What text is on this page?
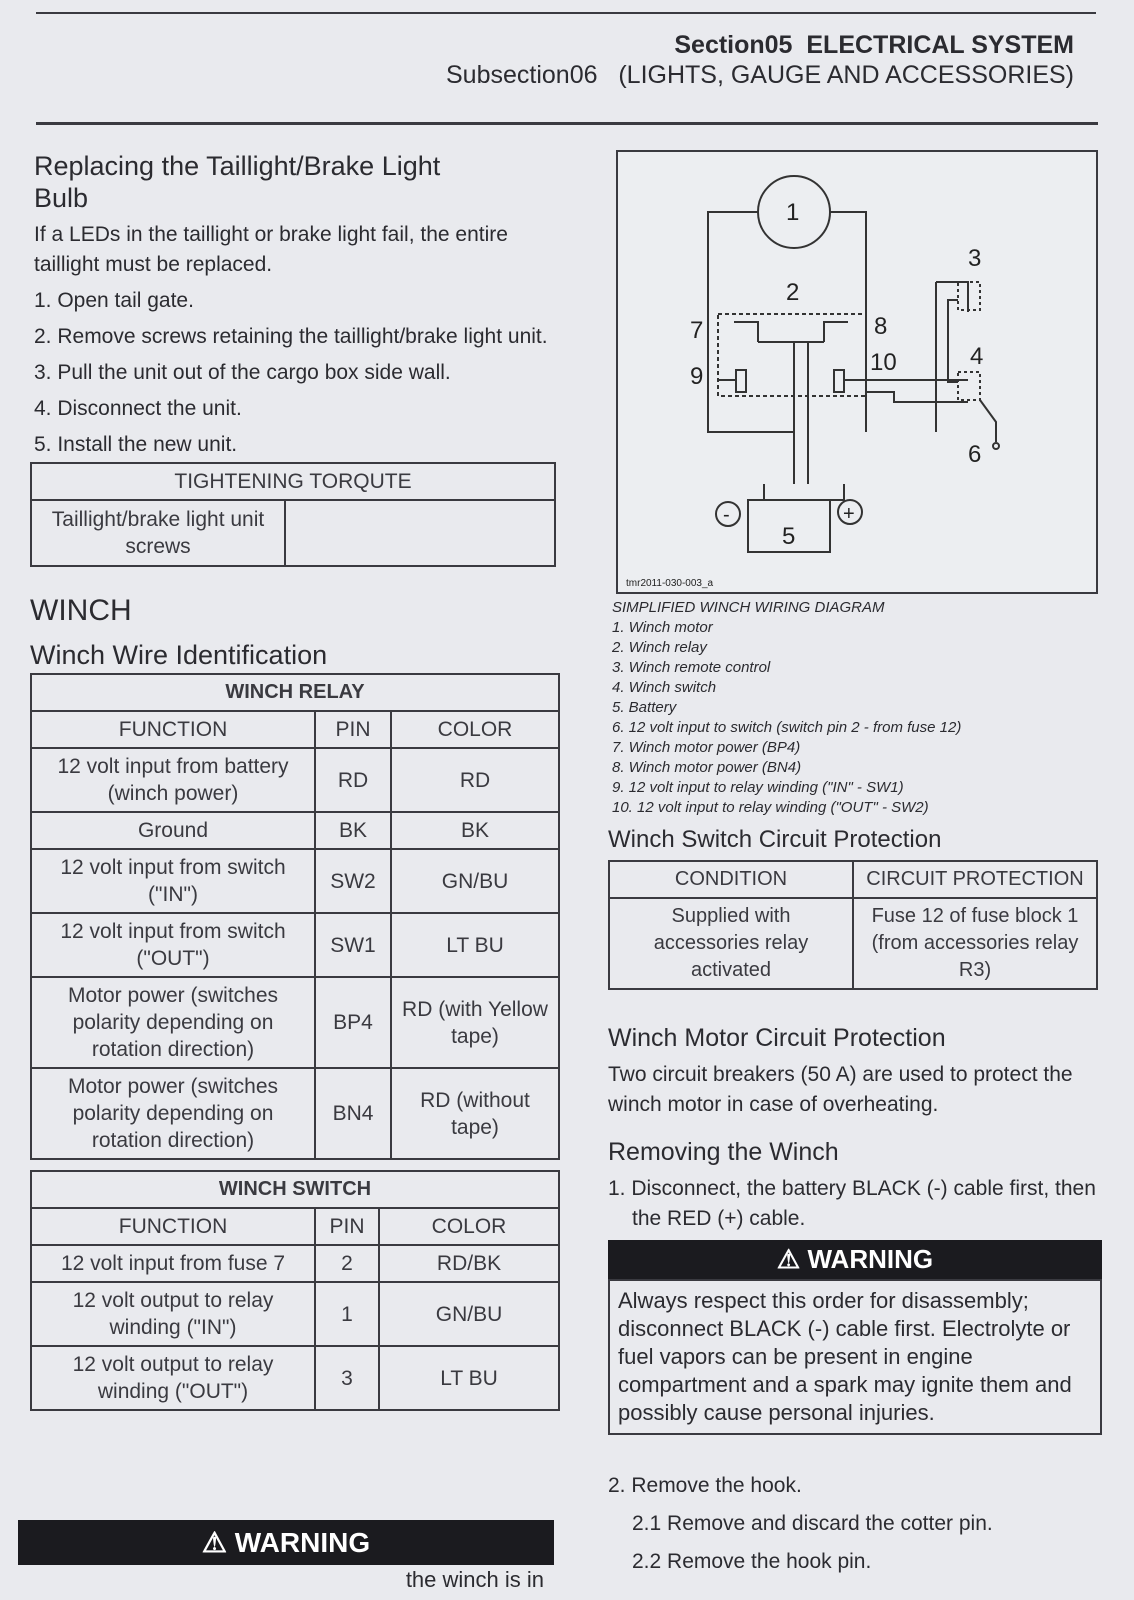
Section05 ELECTRICAL SYSTEM
Subsection06 (LIGHTS, GAUGE AND ACCESSORIES)
Replacing the Taillight/Brake Light
Bulb

If a LEDs in the taillight or brake light fail, the entire taillight must be replaced.

1. Open tail gate.
2. Remove screws retaining the taillight/brake light unit.
3. Pull the unit out of the cargo box side wall.
4. Disconnect the unit.
5. Install the new unit.
TIGHTENING TORQUTE
Taillight/brake light unit screws	
WINCH
Winch Wire Identification
WINCH RELAY		
FUNCTION	PIN	COLOR
12 volt input from battery (winch power)	RD	RD
Ground	BK	BK
12 volt input from switch ("IN")	SW2	GN/BU
12 volt input from switch ("OUT")	SW1	LT BU
Motor power (switches polarity depending on rotation direction)	BP4	RD (with Yellow tape)
Motor power (switches polarity depending on rotation direction)	BN4	RD (without tape)
WINCH SWITCH		
FUNCTION	PIN	COLOR
12 volt input from fuse 7	2	RD/BK
12 volt output to relay winding ("IN")	1	GN/BU
12 volt output to relay winding ("OUT")	3	LT BU
⚠ WARNING
the winch is in
1
2
3
4
5
6
7	8
9
10
-	+
tmr2011-030-003_a
SIMPLIFIED WINCH WIRING DIAGRAM
1. Winch motor
2. Winch relay
3. Winch remote control
4. Winch switch
5. Battery
6. 12 volt input to switch (switch pin 2 - from fuse 12)
7. Winch motor power (BP4)
8. Winch motor power (BN4)
9. 12 volt input to relay winding ("IN" - SW1)
10. 12 volt input to relay winding ("OUT" - SW2)
Winch Switch Circuit Protection
CONDITION	CIRCUIT PROTECTION
Supplied with accessories relay activated	Fuse 12 of fuse block 1 (from accessories relay R3)
Winch Motor Circuit Protection

Two circuit breakers (50 A) are used to protect the winch motor in case of overheating.

Removing the Winch
1. Disconnect, the battery BLACK (-) cable first, then the RED (+) cable.
⚠ WARNING
Always respect this order for disassembly; disconnect BLACK (-) cable first. Electrolyte or fuel vapors can be present in engine compartment and a spark may ignite them and possibly cause personal injuries.
2. Remove the hook.
2.1 Remove and discard the cotter pin.
2.2 Remove the hook pin.
